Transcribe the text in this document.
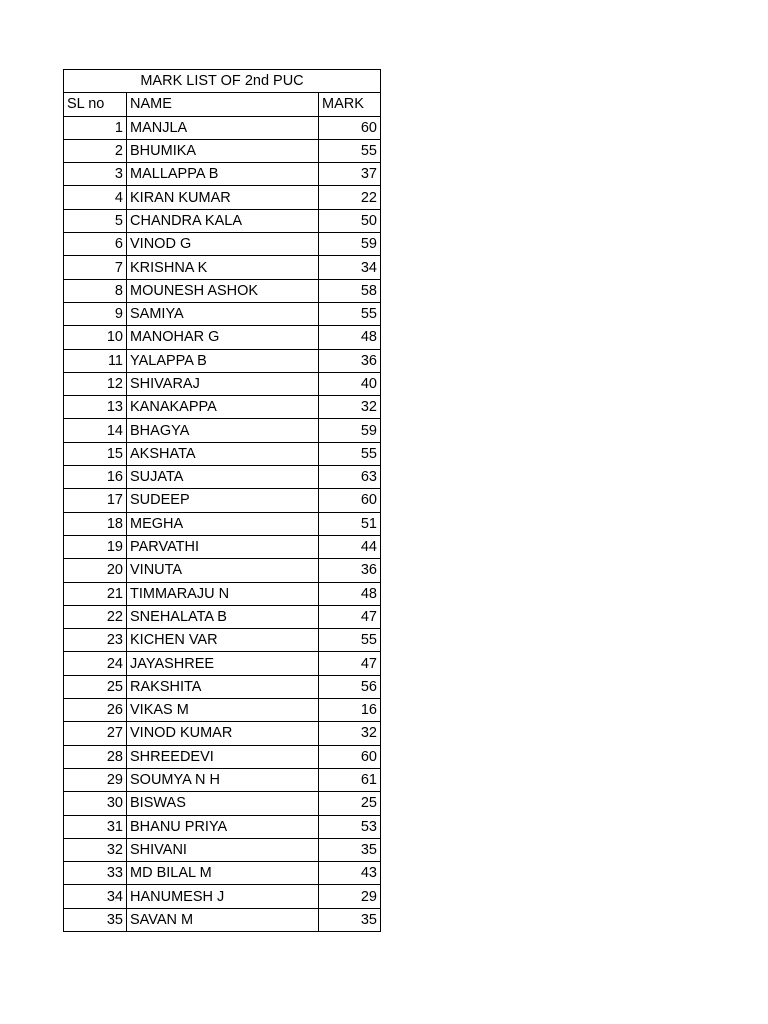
MARK LIST OF 2nd PUC		
SL no	NAME	MARK
1	MANJLA	60
2	BHUMIKA	55
3	MALLAPPA B	37
4	KIRAN KUMAR	22
5	CHANDRA KALA	50
6	VINOD G	59
7	KRISHNA K	34
8	MOUNESH ASHOK	58
9	SAMIYA	55
10	MANOHAR G	48
11	YALAPPA B	36
12	SHIVARAJ	40
13	KANAKAPPA	32
14	BHAGYA	59
15	AKSHATA	55
16	SUJATA	63
17	SUDEEP	60
18	MEGHA	51
19	PARVATHI	44
20	VINUTA	36
21	TIMMARAJU N	48
22	SNEHALATA B	47
23	KICHEN VAR	55
24	JAYASHREE	47
25	RAKSHITA	56
26	VIKAS M	16
27	VINOD KUMAR	32
28	SHREEDEVI	60
29	SOUMYA N H	61
30	BISWAS	25
31	BHANU PRIYA	53
32	SHIVANI	35
33	MD BILAL M	43
34	HANUMESH J	29
35	SAVAN M	35
